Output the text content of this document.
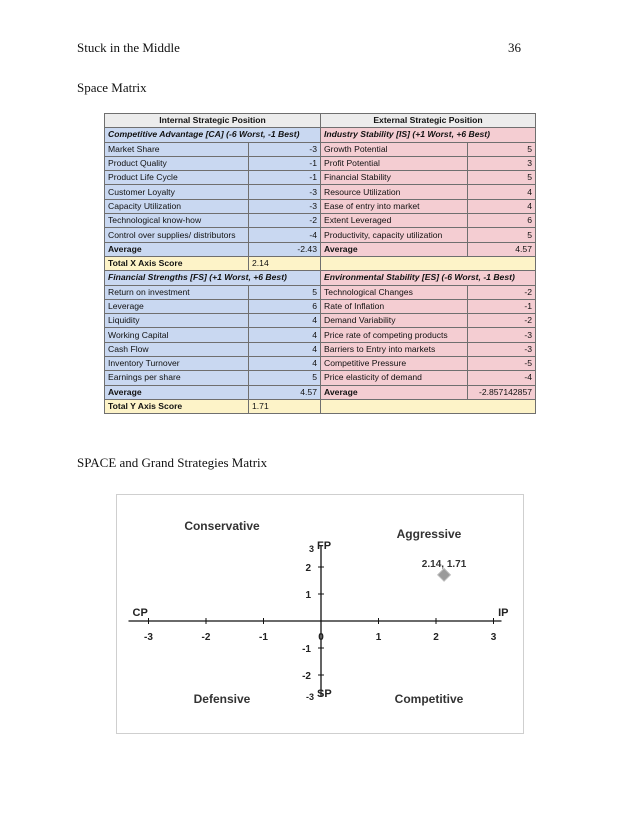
Stuck in the Middle	36
Space Matrix
Internal Strategic Position		External Strategic Position	
Competitive Advantage [CA] (-6 Worst, -1 Best)		Industry Stability [IS] (+1 Worst, +6 Best)	
Market Share	-3	Growth Potential	5
Product Quality	-1	Profit Potential	3
Product Life Cycle	-1	Financial Stability	5
Customer Loyalty	-3	Resource Utilization	4
Capacity Utilization	-3	Ease of entry into market	4
Technological know-how	-2	Extent Leveraged	6
Control over supplies/ distributors	-4	Productivity, capacity utilization	5
Average	-2.43	Average	4.57
Total X Axis Score	2.14		
Financial Strengths [FS] (+1 Worst, +6 Best)		Environmental Stability [ES] (-6 Worst, -1 Best)	
Return on investment	5	Technological Changes	-2
Leverage	6	Rate of Inflation	-1
Liquidity	4	Demand Variability	-2
Working Capital	4	Price rate of competing products	-3
Cash Flow	4	Barriers to Entry into markets	-3
Inventory Turnover	4	Competitive Pressure	-5
Earnings per share	5	Price elasticity of demand	-4
Average	4.57	Average	-2.857142857
Total Y Axis Score	1.71		
SPACE and Grand Strategies Matrix
-3	-2	-1	0	1	2	3
1
2
-1
-2
3 FP
-3 SP
CP	IP
Conservative
Aggressive
Defensive	Competitive
2.14, 1.71
